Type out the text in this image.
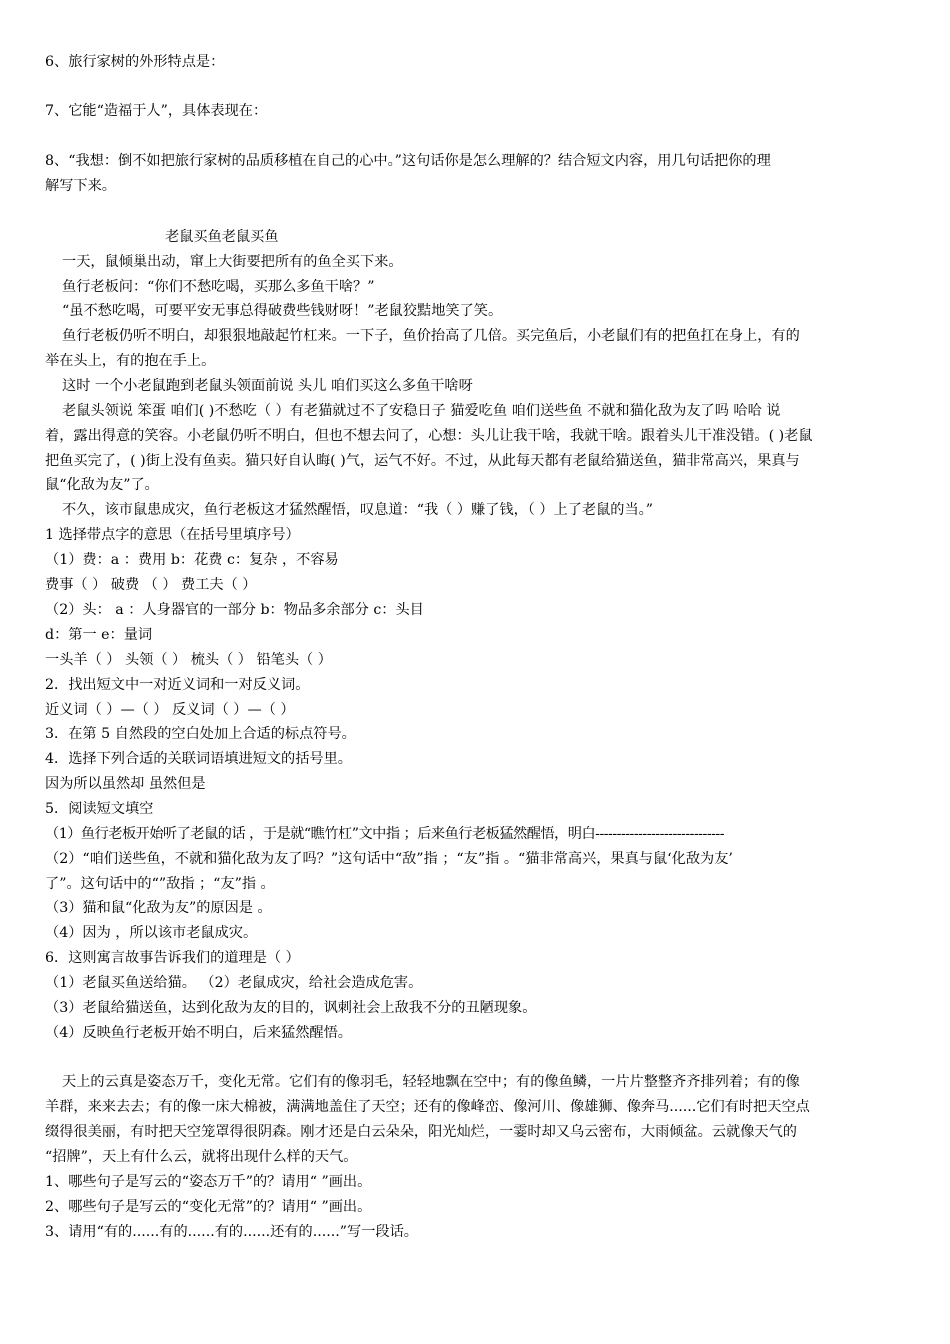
6、旅行家树的外形特点是：
7、它能“造福于人”，具体表现在：
8、“我想：倒不如把旅行家树的品质移植在自己的心中。”这句话你是怎么理解的？结合短文内容，用几句话把你的理
解写下来。
老鼠买鱼老鼠买鱼
一天，鼠倾巢出动，窜上大街要把所有的鱼全买下来。
鱼行老板问：“你们不愁吃喝，买那么多鱼干啥？”
“虽不愁吃喝，可要平安无事总得破费些钱财呀！”老鼠狡黠地笑了笑。
鱼行老板仍听不明白，却狠狠地敲起竹杠来。一下子，鱼价抬高了几倍。买完鱼后，小老鼠们有的把鱼扛在身上，有的
举在头上，有的抱在手上。
这时 一个小老鼠跑到老鼠头领面前说 头儿 咱们买这么多鱼干啥呀
老鼠头领说 笨蛋 咱们( )不愁吃（ ）有老猫就过不了安稳日子 猫爱吃鱼 咱们送些鱼 不就和猫化敌为友了吗 哈哈 说
着，露出得意的笑容。小老鼠仍听不明白，但也不想去问了，心想：头儿让我干啥，我就干啥。跟着头儿干准没错。( )老鼠
把鱼买完了，( )街上没有鱼卖。猫只好自认晦( )气，运气不好。不过，从此每天都有老鼠给猫送鱼，猫非常高兴，果真与
鼠“化敌为友”了。
不久，该市鼠患成灾，鱼行老板这才猛然醒悟，叹息道：“我（ ）赚了钱，（ ）上了老鼠的当。”
1 选择带点字的意思（在括号里填序号）
（1）费：a ：费用 b：花费 c：复杂 ，不容易
费事（ ） 破费 （ ） 费工夫（ ）
（2）头： a ：人身器官的一部分 b：物品多余部分 c：头目
d：第一 e：量词
一头羊（ ） 头领（ ） 梳头（ ） 铅笔头（ ）
2．找出短文中一对近义词和一对反义词。
近义词（ ）—（ ） 反义词（ ）—（ ）
3．在第 5 自然段的空白处加上合适的标点符号。
4．选择下列合适的关联词语填进短文的括号里。
因为所以虽然却 虽然但是
5．阅读短文填空
（1）鱼行老板开始听了老鼠的话 ，于是就“瞧竹杠”文中指 ；后来鱼行老板猛然醒悟，明白------------------------------
（2）“咱们送些鱼，不就和猫化敌为友了吗？”这句话中“敌”指 ；“友”指 。“猫非常高兴，果真与鼠‘化敌为友’
了”。这句话中的“”敌指 ；“友”指 。
（3）猫和鼠“化敌为友”的原因是 。
（4）因为 ，所以该市老鼠成灾。
6．这则寓言故事告诉我们的道理是（ ）
（1）老鼠买鱼送给猫。 （2）老鼠成灾，给社会造成危害。
（3）老鼠给猫送鱼，达到化敌为友的目的，讽刺社会上敌我不分的丑陋现象。
（4）反映鱼行老板开始不明白，后来猛然醒悟。
天上的云真是姿态万千，变化无常。它们有的像羽毛，轻轻地飘在空中；有的像鱼鳞，一片片整整齐齐排列着；有的像
羊群，来来去去；有的像一床大棉被，满满地盖住了天空；还有的像峰峦、像河川、像雄狮、像奔马......它们有时把天空点
缀得很美丽，有时把天空笼罩得很阴森。刚才还是白云朵朵，阳光灿烂，一霎时却又乌云密布，大雨倾盆。云就像天气的
“招牌”，天上有什么云，就将出现什么样的天气。
1、哪些句子是写云的“姿态万千”的？请用“ ”画出。
2、哪些句子是写云的“变化无常”的？请用“ ”画出。
3、请用“有的......有的......有的......还有的......”写一段话。
